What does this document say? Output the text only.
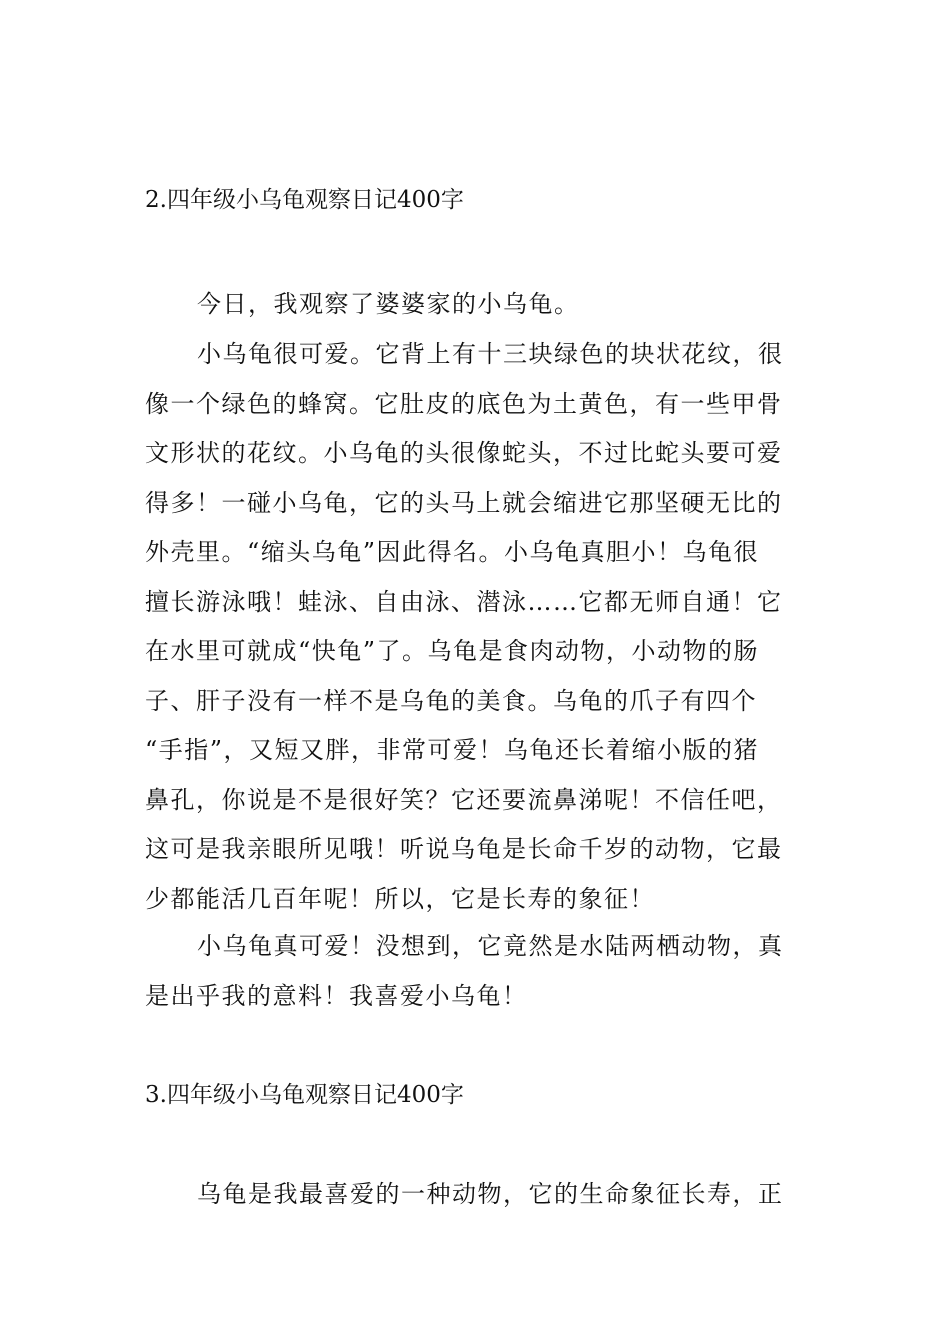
2.四年级小乌龟观察日记400字
今日，我观察了婆婆家的小乌龟。
小乌龟很可爱。它背上有十三块绿色的块状花纹，很
像一个绿色的蜂窝。它肚皮的底色为土黄色，有一些甲骨
文形状的花纹。小乌龟的头很像蛇头，不过比蛇头要可爱
得多！一碰小乌龟，它的头马上就会缩进它那坚硬无比的
外壳里。“缩头乌龟”因此得名。小乌龟真胆小！乌龟很
擅长游泳哦！蛙泳、自由泳、潜泳……它都无师自通！它
在水里可就成“快龟”了。乌龟是食肉动物，小动物的肠
子、肝子没有一样不是乌龟的美食。乌龟的爪子有四个
“手指”，又短又胖，非常可爱！乌龟还长着缩小版的猪
鼻孔，你说是不是很好笑？它还要流鼻涕呢！不信任吧，
这可是我亲眼所见哦！听说乌龟是长命千岁的动物，它最
少都能活几百年呢！所以，它是长寿的象征！
小乌龟真可爱！没想到，它竟然是水陆两栖动物，真
是出乎我的意料！我喜爱小乌龟！
3.四年级小乌龟观察日记400字
乌龟是我最喜爱的一种动物，它的生命象征长寿，正
